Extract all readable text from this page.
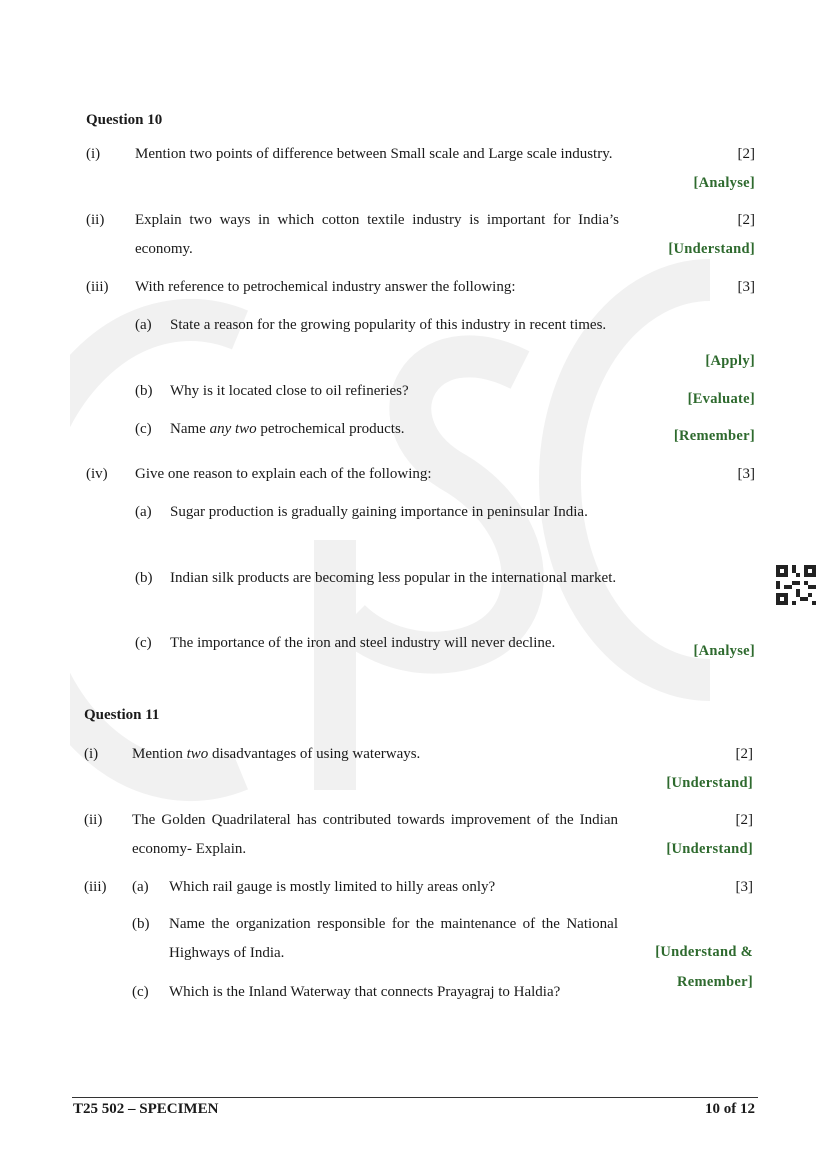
Question 10
(i) Mention two points of difference between Small scale and Large scale industry.	[2]
[Analyse]
(ii) Explain two ways in which cotton textile industry is important for India’s economy.
[2]
[Understand]
(iii) With reference to petrochemical industry answer the following:	[3]
(a) State a reason for the growing popularity of this industry in recent times.
[Apply]
(b) Why is it located close to oil refineries?	[Evaluate]
(c) Name any two petrochemical products.	[Remember]
(iv) Give one reason to explain each of the following:	[3]
(a) Sugar production is gradually gaining importance in peninsular India.
(b) Indian silk products are becoming less popular in the international market.
(c) The importance of the iron and steel industry will never decline.	[Analyse]
Question 11
(i) Mention two disadvantages of using waterways.	[2]
[Understand]
(ii) The Golden Quadrilateral has contributed towards improvement of the Indian economy- Explain.
[2]
[Understand]
(iii)	[3]
(a) Which rail gauge is mostly limited to hilly areas only?
(b) Name the organization responsible for the maintenance of the National Highways of India.
(c) Which is the Inland Waterway that connects Prayagraj to Haldia?
[Understand &
Remember]
T25 502 – SPECIMEN	10 of 12
